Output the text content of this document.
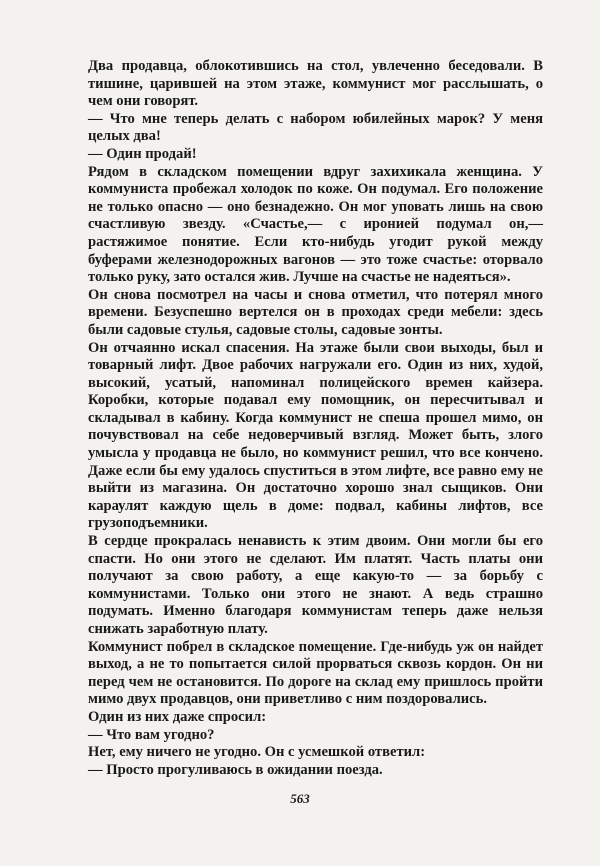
Два продавца, облокотившись на стол, увлеченно беседовали. В тишине, царившей на этом этаже, коммунист мог расслышать, о чем они говорят.

— Что мне теперь делать с набором юбилейных марок? У меня целых два!

— Один продай!

Рядом в складском помещении вдруг захихикала женщина. У коммуниста пробежал холодок по коже. Он подумал. Его положение не только опасно — оно безнадежно. Он мог уповать лишь на свою счастливую звезду. «Счастье,— с иронией подумал он,— растяжимое понятие. Если кто-нибудь угодит рукой между буферами железнодорожных вагонов — это тоже счастье: оторвало только руку, зато остался жив. Лучше на счастье не надеяться».

Он снова посмотрел на часы и снова отметил, что потерял много времени. Безуспешно вертелся он в проходах среди мебели: здесь были садовые стулья, садовые столы, садовые зонты.

Он отчаянно искал спасения. На этаже были свои выходы, был и товарный лифт. Двое рабочих нагружали его. Один из них, худой, высокий, усатый, напоминал полицейского времен кайзера. Коробки, которые подавал ему помощник, он пересчитывал и складывал в кабину. Когда коммунист не спеша прошел мимо, он почувствовал на себе недоверчивый взгляд. Может быть, злого умысла у продавца не было, но коммунист решил, что все кончено. Даже если бы ему удалось спуститься в этом лифте, все равно ему не выйти из магазина. Он достаточно хорошо знал сыщиков. Они караулят каждую щель в доме: подвал, кабины лифтов, все грузоподъемники.

В сердце прокралась ненависть к этим двоим. Они могли бы его спасти. Но они этого не сделают. Им платят. Часть платы они получают за свою работу, а еще какую-то — за борьбу с коммунистами. Только они этого не знают. А ведь страшно подумать. Именно благодаря коммунистам теперь даже нельзя снижать заработную плату.

Коммунист побрел в складское помещение. Где-нибудь уж он найдет выход, а не то попытается силой прорваться сквозь кордон. Он ни перед чем не остановится. По дороге на склад ему пришлось пройти мимо двух продавцов, они приветливо с ним поздоровались.

Один из них даже спросил:

— Что вам угодно?

Нет, ему ничего не угодно. Он с усмешкой ответил:

— Просто прогуливаюсь в ожидании поезда.

563
